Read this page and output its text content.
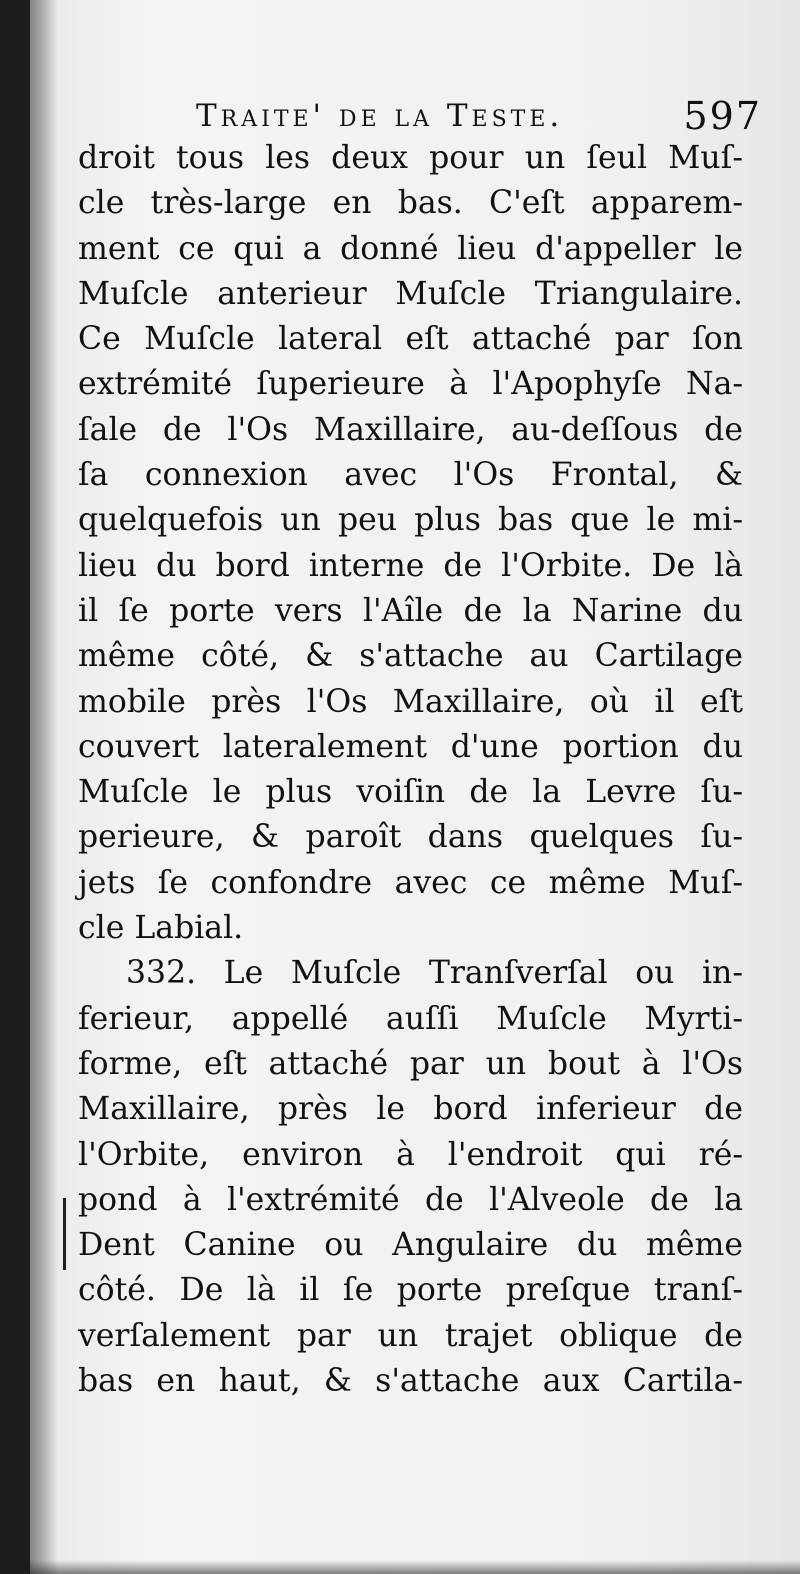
Traite' de la Teste.	597
droit tous les deux pour un ſeul Muſ-
cle très-large en bas. C'eſt apparem-
ment ce qui a donné lieu d'appeller le
Muſcle anterieur Muſcle Triangulaire.
Ce Muſcle lateral eſt attaché par ſon
extrémité ſuperieure à l'Apophyſe Na-
ſale de l'Os Maxillaire, au-deſſous de
ſa connexion avec l'Os Frontal, &
quelquefois un peu plus bas que le mi-
lieu du bord interne de l'Orbite. De là
il ſe porte vers l'Aîle de la Narine du
même côté, & s'attache au Cartilage
mobile près l'Os Maxillaire, où il eſt
couvert lateralement d'une portion du
Muſcle le plus voiſin de la Levre ſu-
perieure, & paroît dans quelques ſu-
jets ſe confondre avec ce même Muſ-
cle Labial.
332. Le Muſcle Tranſverſal ou in-
ferieur, appellé auſſi Muſcle Myrti-
forme, eſt attaché par un bout à l'Os
Maxillaire, près le bord inferieur de
l'Orbite, environ à l'endroit qui ré-
pond à l'extrémité de l'Alveole de la
Dent Canine ou Angulaire du même
côté. De là il ſe porte preſque tranſ-
verſalement par un trajet oblique de
bas en haut, & s'attache aux Cartila-
